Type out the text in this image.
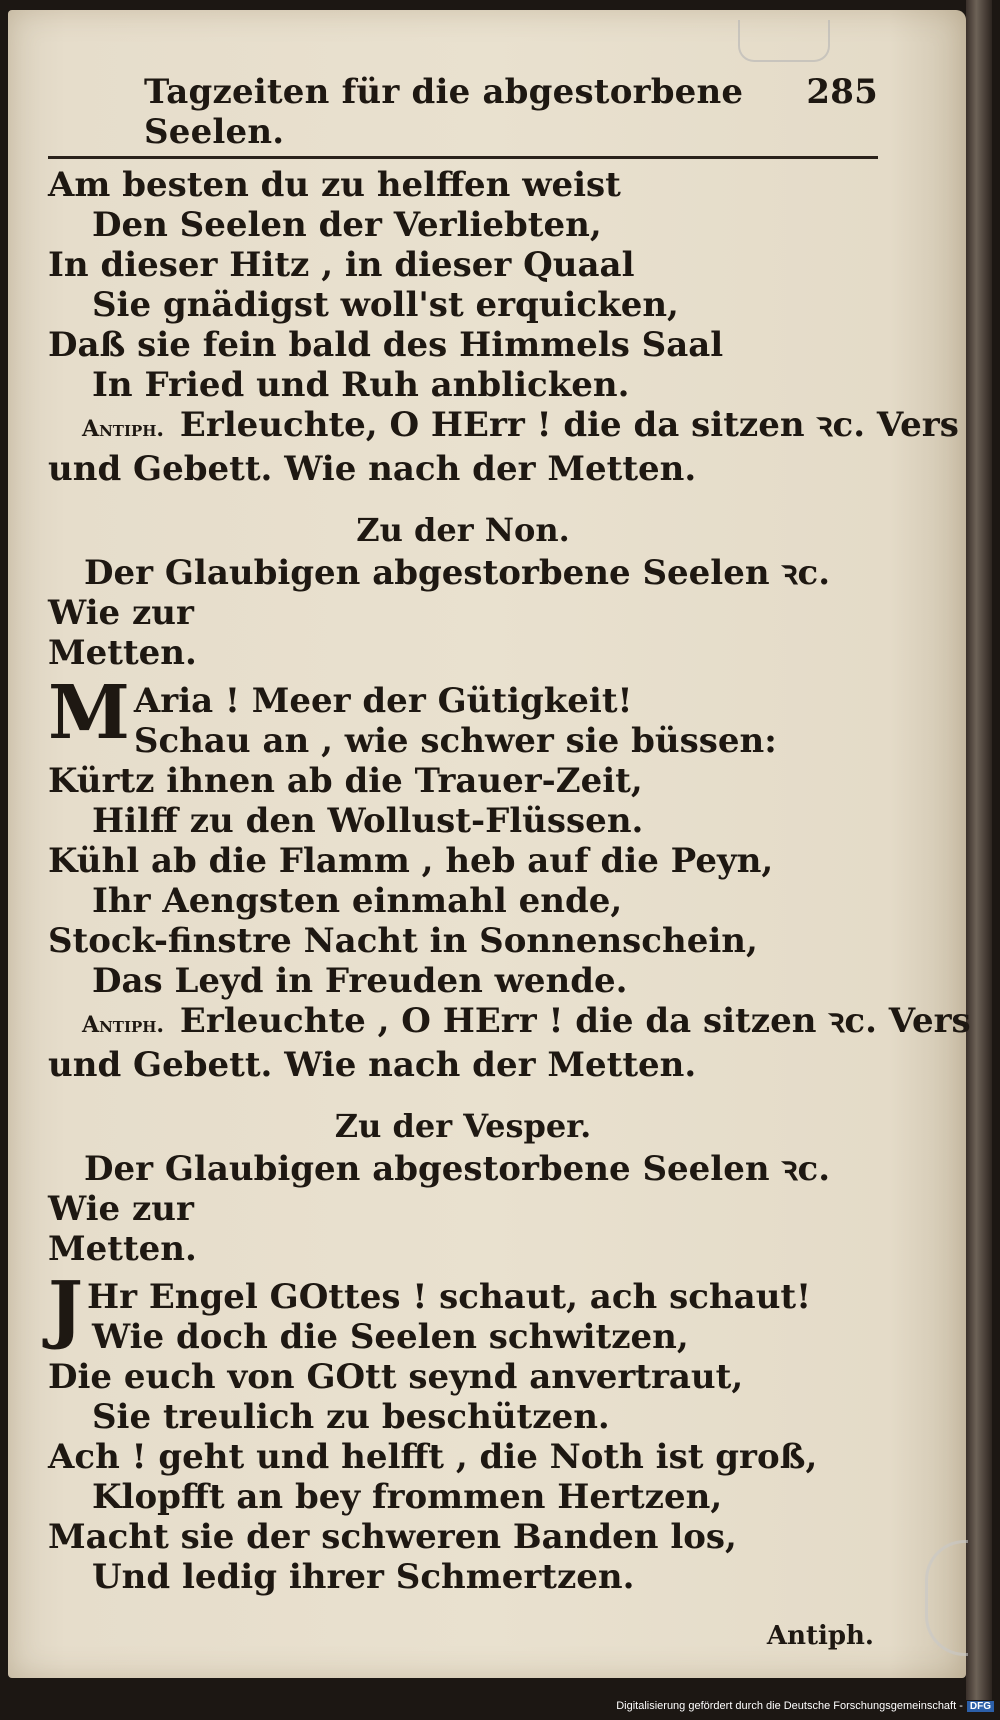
Tagzeiten für die abgestorbene Seelen.
285
Am besten du zu helffen weist
Den Seelen der Verliebten,
In dieser Hitz , in dieser Quaal
Sie gnädigst woll'st erquicken,
Daß sie fein bald des Himmels Saal
In Fried und Ruh anblicken.
Antiph. Erleuchte, O HErr ! die da sitzen ꝛc. Vers
und Gebett. Wie nach der Metten.
Zu der Non.
Der Glaubigen abgestorbene Seelen ꝛc. Wie zur
Metten.
M Aria ! Meer der Gütigkeit!
Schau an , wie schwer sie büssen:
Kürtz ihnen ab die Trauer-Zeit,
Hilff zu den Wollust-Flüssen.
Kühl ab die Flamm , heb auf die Peyn,
Ihr Aengsten einmahl ende,
Stock-finstre Nacht in Sonnenschein,
Das Leyd in Freuden wende.
Antiph. Erleuchte , O HErr ! die da sitzen ꝛc. Vers
und Gebett. Wie nach der Metten.
Zu der Vesper.
Der Glaubigen abgestorbene Seelen ꝛc. Wie zur
Metten.
J Hr Engel GOttes ! schaut, ach schaut!
Wie doch die Seelen schwitzen,
Die euch von GOtt seynd anvertraut,
Sie treulich zu beschützen.
Ach ! geht und helfft , die Noth ist groß,
Klopfft an bey frommen Hertzen,
Macht sie der schweren Banden los,
Und ledig ihrer Schmertzen.
Antiph.
Digitalisierung gefördert durch die Deutsche Forschungsgemeinschaft - DFG
